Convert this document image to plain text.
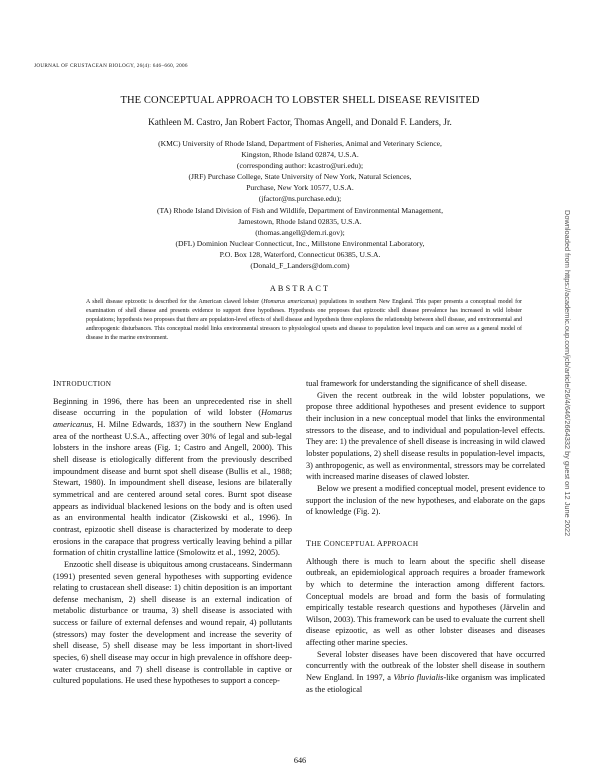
JOURNAL OF CRUSTACEAN BIOLOGY, 26(4): 646–660, 2006
THE CONCEPTUAL APPROACH TO LOBSTER SHELL DISEASE REVISITED
Kathleen M. Castro, Jan Robert Factor, Thomas Angell, and Donald F. Landers, Jr.
(KMC) University of Rhode Island, Department of Fisheries, Animal and Veterinary Science,
Kingston, Rhode Island 02874, U.S.A.
(corresponding author: kcastro@uri.edu);
(JRF) Purchase College, State University of New York, Natural Sciences,
Purchase, New York 10577, U.S.A.
(jfactor@ns.purchase.edu);
(TA) Rhode Island Division of Fish and Wildlife, Department of Environmental Management,
Jamestown, Rhode Island 02835, U.S.A.
(thomas.angell@dem.ri.gov);
(DFL) Dominion Nuclear Connecticut, Inc., Millstone Environmental Laboratory,
P.O. Box 128, Waterford, Connecticut 06385, U.S.A.
(Donald_F_Landers@dom.com)
ABSTRACT
A shell disease epizootic is described for the American clawed lobster (Homarus americanus) populations in southern New England. This paper presents a conceptual model for examination of shell disease and presents evidence to support three hypotheses. Hypothesis one proposes that epizootic shell disease prevalence has increased in wild lobster populations; hypothesis two proposes that there are population-level effects of shell disease and hypothesis three explores the relationship between shell disease, and environmental and anthropogenic disturbances. This conceptual model links environmental stressors to physiological upsets and disease to population level impacts and can serve as a general model of disease in the marine environment.

INTRODUCTION

Beginning in 1996, there has been an unprecedented rise in shell disease occurring in the population of wild lobster (Homarus americanus, H. Milne Edwards, 1837) in the southern New England area of the northeast U.S.A., affecting over 30% of legal and sub-legal lobsters in the inshore areas (Fig. 1; Castro and Angell, 2000). This shell disease is etiologically different from the previously described impoundment disease and burnt spot shell disease (Bullis et al., 1988; Stewart, 1980). In impoundment shell disease, lesions are bilaterally symmetrical and are centered around setal cores. Burnt spot disease appears as individual blackened lesions on the body and is often used as an environmental health indicator (Ziskowski et al., 1996). In contrast, epizootic shell disease is characterized by moderate to deep erosions in the carapace that progress vertically leaving behind a pillar formation of chitin crystalline lattice (Smolowitz et al., 1992, 2005).

Enzootic shell disease is ubiquitous among crustaceans. Sindermann (1991) presented seven general hypotheses with supporting evidence relating to crustacean shell disease: 1) chitin deposition is an important defense mechanism, 2) shell disease is an external indication of metabolic disturbance or trauma, 3) shell disease is associated with success or failure of external defenses and wound repair, 4) pollutants (stressors) may foster the development and increase the severity of shell disease, 5) shell disease may be less important in short-lived species, 6) shell disease may occur in high prevalence in offshore deep-water crustaceans, and 7) shell disease is controllable in captive or cultured populations. He used these hypotheses to support a concep-

tual framework for understanding the significance of shell disease.

Given the recent outbreak in the wild lobster populations, we propose three additional hypotheses and present evidence to support their inclusion in a new conceptual model that links the environmental stressors to the disease, and to individual and population-level effects. They are: 1) the prevalence of shell disease is increasing in wild clawed lobster populations, 2) shell disease results in population-level impacts, 3) anthropogenic, as well as environmental, stressors may be correlated with increased marine diseases of clawed lobster.

Below we present a modified conceptual model, present evidence to support the inclusion of the new hypotheses, and elaborate on the gaps of knowledge (Fig. 2).

THE CONCEPTUAL APPROACH

Although there is much to learn about the specific shell disease outbreak, an epidemiological approach requires a broader framework by which to determine the interaction among different factors. Conceptual models are broad and form the basis of formulating empirically testable research questions and hypotheses (Järvelin and Wilson, 2003). This framework can be used to evaluate the current shell disease epizootic, as well as other lobster diseases and diseases affecting other marine species.

Several lobster diseases have been discovered that have occurred concurrently with the outbreak of the lobster shell disease in southern New England. In 1997, a Vibrio fluvialis-like organism was implicated as the etiological

646
Downloaded from https://academic.oup.com/jcb/article/26/4/646/2664332 by guest on 12 June 2022
